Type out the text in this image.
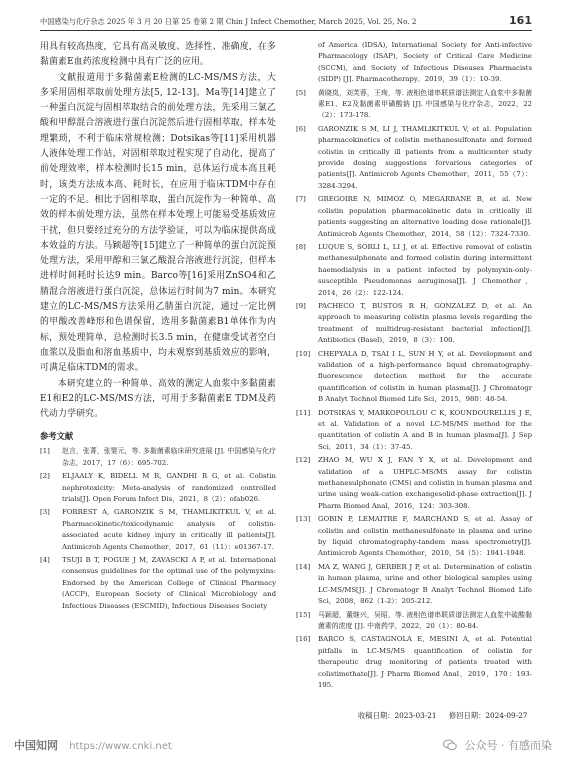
中国感染与化疗杂志 2025 年 3 月 20 日第 25 卷第 2 期 Chin J Infect Chemother, March 2025, Vol. 25, No. 2	161

用具有较高热度，它具有高灵敏度、选择性、准确度，在多黏菌素E血药浓度检测中具有广泛的应用。

文献报道用于多黏菌素E检测的LC-MS/MS方法，大多采用固相萃取前处理方法[5, 12-13]。Ma等[14]建立了一种蛋白沉淀与固相萃取结合的前处理方法，先采用三氯乙酸和甲醇混合溶液进行蛋白沉淀然后进行固相萃取，样本处理繁琐，不利于临床常规检测；Dotsikas等[11]采用机器人液体处理工作站，对固相萃取过程实现了自动化，提高了前处理效率，样本检测时长15 min，总体运行成本高且耗时，该类方法成本高、耗时长，在应用于临床TDM中存在一定的不足。相比于固相萃取，蛋白沉淀作为一种简单、高效的样本前处理方法，虽然在样本处理上可能易受基质效应干扰，但只要经过充分的方法学验证，可以为临床提供高成本效益的方法。马颖超等[15]建立了一种简单的蛋白沉淀预处理方法，采用甲醇和三氯乙酸混合溶液进行沉淀，但样本进样时间耗时长达9 min。Barco等[16]采用ZnSO4和乙腈混合溶液进行蛋白沉淀，总体运行时间为7 min。本研究建立的LC-MS/MS方法采用乙腈蛋白沉淀，通过一定比例的甲酸改善峰形和色谱保留，选用多黏菌素B1单体作为内标，预处理简单，总检测时长3.5 min，在健康受试者空白血浆以及脂血和溶血基质中，均未观察到基质效应的影响，可满足临床TDM的需求。

本研究建立的一种简单、高效的测定人血浆中多黏菌素E1和E2的LC-MS/MS方法，可用于多黏菌素E TDM及药代动力学研究。

参考文献
[1] 赵言，张菁，张婴元，等. 多黏菌素临床研究进展 [J]. 中国感染与化疗杂志，2017，17（6）：695-702.
[2] ELJAALY K, BIDELL M R, GANDHI R G, et al. Colistin nephrotoxicity: Meta-analysis of randomized controlled trials[J]. Open Forum Infect Dis，2021，8（2）：ofab026.
[3] FORREST A, GARONZIK S M, THAMLIKITKUL V, et al. Pharmacokinetic/toxicodynamic analysis of colistin-associated acute kidney injury in critically ill patients[J]. Antimicrob Agents Chemother，2017，61（11）：e01367-17.
[4] TSUJI B T, POGUE J M, ZAVASCKI A P, et al. International consensus guidelines for the optimal use of the polymyxins: Endorsed by the American College of Clinical Pharmacy (ACCP), European Society of Clinical Microbiology and Infectious Diseases (ESCMID), Infectious Diseases Society
of America (IDSA), International Society for Anti-infective Pharmacology (ISAP), Society of Critical Care Medicine (SCCM), and Society of Infectious Diseases Pharmacists (SIDP) [J]. Pharmacotherapy，2019，39（1）：10-39.
[5] 黄晓岚，刘芙蓉，王珣，等. 液相色谱串联质谱法测定人血浆中多黏菌素E1、E2及黏菌素甲磺酸钠 [J]. 中国感染与化疗杂志，2022，22（2）：173-178.
[6] GARONZIK S M, LI J, THAMLIKITKUL V, et al. Population pharmacokinetics of colistin methanesulfonate and formed colistin in critically ill patients from a multicenter study provide dosing suggestions forvarious categories of patients[J]. Antimicrob Agents Chemother，2011，55（7）：3284-3294.
[7] GREGOIRE N, MIMOZ O, MEGARBANE B, et al. New colistin population pharmacokinetic data in critically ill patients suggesting an alternative loading dose rationale[J]. Antimicrob Agents Chemother，2014，58（12）：7324-7330.
[8] LUQUE S, SORLI L, LI J, et al. Effective removal of colistin methanesulphonate and formed colistin during intermittent haemodialysis in a patient infected by polymyxin-only-susceptible Pseudomonas aeruginosa[J]. J Chemother，2014，26（2）：122-124.
[9] PACHECO T, BUSTOS R H, GONZALEZ D, et al. An approach to measuring colistin plasma levels regarding the treatment of multidrug-resistant bacterial infection[J]. Antibiotics (Basel)，2019，8（3）：100.
[10] CHEPYALA D, TSAI I L, SUN H Y, et al. Development and validation of a high-performance liquid chromatography-fluorescence detection method for the accurate quantification of colistin in human plasma[J]. J Chromatogr B Analyt Technol Biomed Life Sci，2015，980：48-54.
[11] DOTSIKAS Y, MARKOPOULOU C K, KOUNDOURELLIS J E, et al. Validation of a novel LC-MS/MS method for the quantitation of colistin A and B in human plasma[J]. J Sep Sci，2011，34（1）：37-45.
[12] ZHAO M, WU X J, FAN Y X, et al. Development and validation of a UHPLC-MS/MS assay for colistin methanesulphonate (CMS) and colistin in human plasma and urine using weak-cation exchangesolid-phase extraction[J]. J Pharm Biomed Anal，2016，124：303-308.
[13] GOBIN P, LEMAITRE F, MARCHAND S, et al. Assay of colistin and colistin methanesulfonate in plasma and urine by liquid chromatography-tandem mass spectrometry[J]. Antimicrob Agents Chemother，2010，54（5）：1941-1948.
[14] MA Z, WANG J, GERBER J P, et al. Determination of colistin in human plasma, urine and other biological samples using LC-MS/MS[J]. J Chromatogr B Analyt Technol Biomed Life Sci，2008，862（1-2）：205-212.
[15] 马颖超，董继兴，吴昭，等. 液相色谱串联质谱法测定人血浆中硫酸黏菌素的浓度 [J]. 中南药学，2022，20（1）：80-84.
[16] BARCO S, CASTAGNOLA E, MESINI A, et al. Potential pitfalls in LC-MS/MS quantification of colistin for therapeutic drug monitoring of patients treated with colistimethate[J]. J Pharm Biomed Anal，2019，170：193-195.
收稿日期：2023-03-21 修回日期：2024-09-27
中国知网 https://www.cnki.net	公众号 · 有感而染
